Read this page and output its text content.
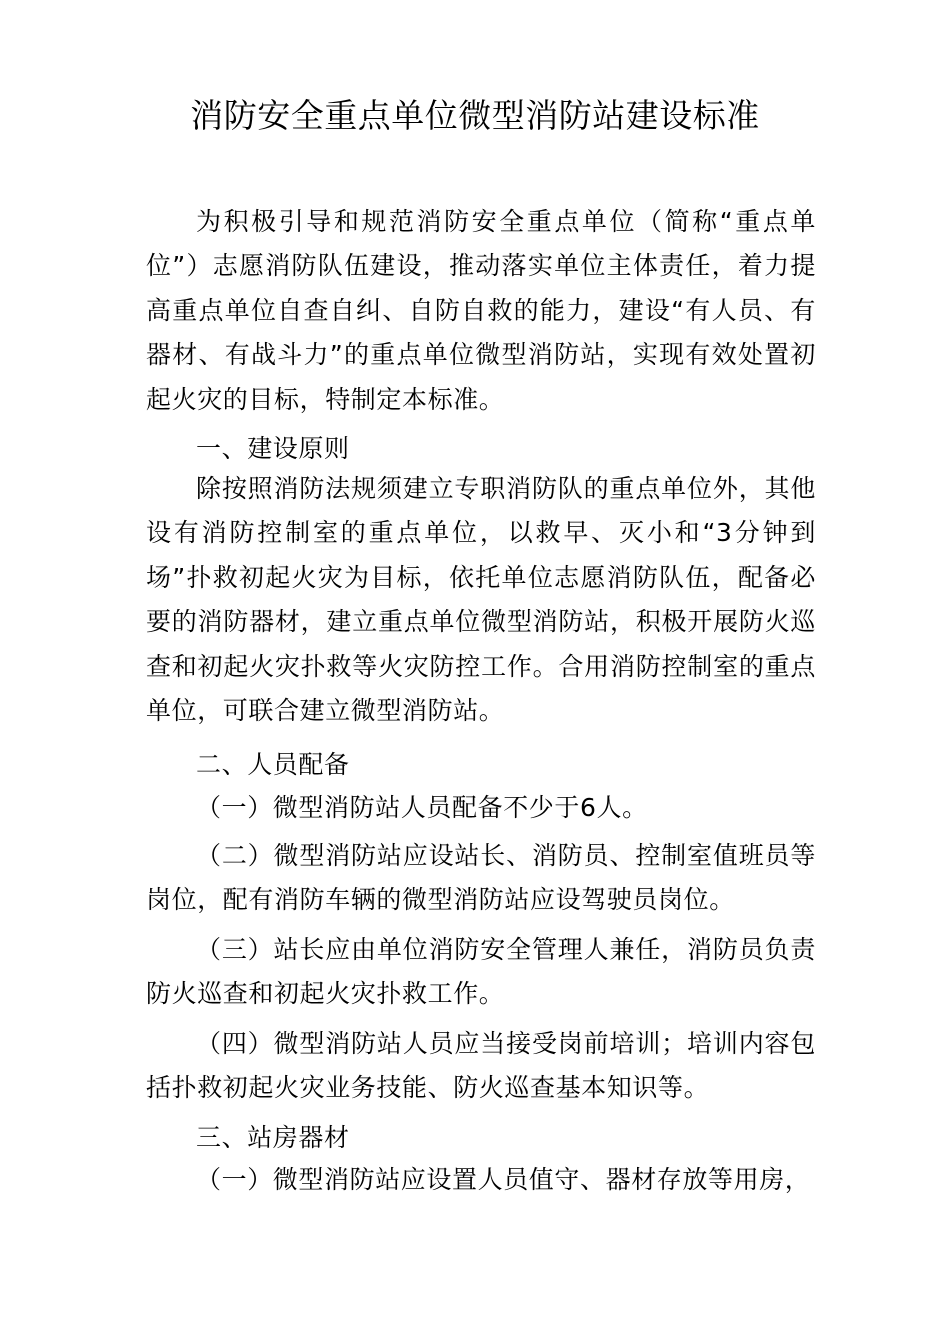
消防安全重点单位微型消防站建设标准

为积极引导和规范消防安全重点单位（简称“重点单位”）志愿消防队伍建设，推动落实单位主体责任，着力提高重点单位自查自纠、自防自救的能力，建设“有人员、有器材、有战斗力”的重点单位微型消防站，实现有效处置初起火灾的目标，特制定本标准。

一、建设原则

除按照消防法规须建立专职消防队的重点单位外，其他设有消防控制室的重点单位，以救早、灭小和“3分钟到场”扑救初起火灾为目标，依托单位志愿消防队伍，配备必要的消防器材，建立重点单位微型消防站，积极开展防火巡查和初起火灾扑救等火灾防控工作。合用消防控制室的重点单位，可联合建立微型消防站。

二、人员配备

（一）微型消防站人员配备不少于6人。

（二）微型消防站应设站长、消防员、控制室值班员等岗位，配有消防车辆的微型消防站应设驾驶员岗位。

（三）站长应由单位消防安全管理人兼任，消防员负责防火巡查和初起火灾扑救工作。

（四）微型消防站人员应当接受岗前培训；培训内容包括扑救初起火灾业务技能、防火巡查基本知识等。

三、站房器材

（一）微型消防站应设置人员值守、器材存放等用房，
